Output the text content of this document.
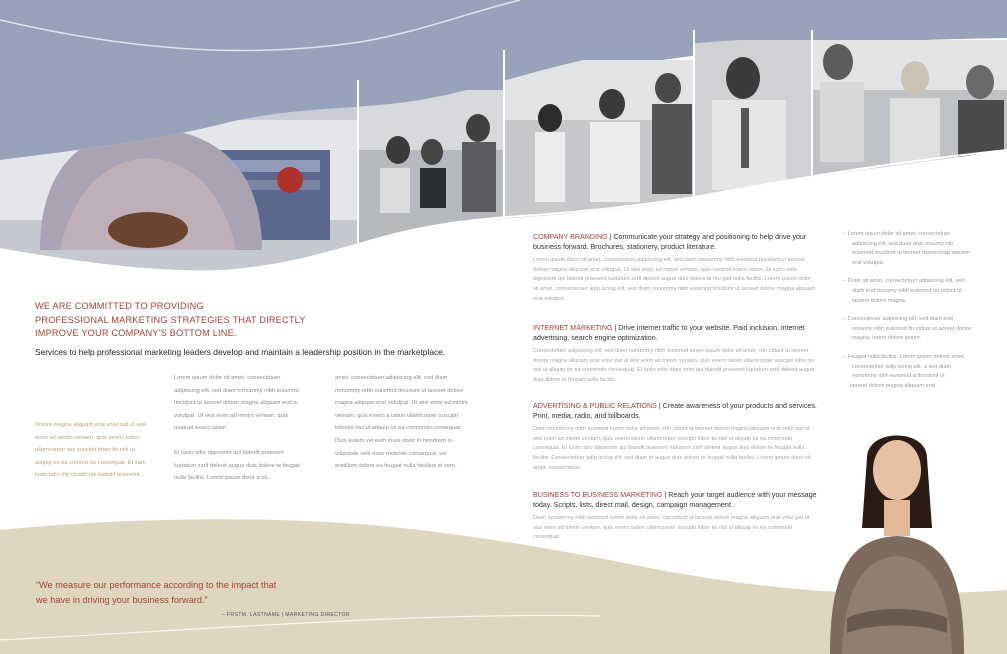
WE ARE COMMITTED TO PROVIDING
PROFESSIONAL MARKETING STRATEGIES THAT DIRECTLY
IMPROVE YOUR COMPANY'S BOTTOM LINE.
Services to help professional marketing leaders develop and maintain a leadership position in the marketplace.
Dolore magna aliquam erat volut pat ut wisi enim ad minim veniam, quis exerci tation ullamcorper wis suscipit lobor tis nisl ut aliquip ex ea commo do consequat. Et sam iusto odio dig nissim qui blandit praesent.
Lorem ipsum dolor sit amet, consectetuer adipiscing elit, sed diam nonummy nibh euismod tincidunt ut laoreet dolore magna aliquam erat a volutpat. Ut wisi enim ad minim veniam, quis nostrud exerci tation.
Et iusto odio dignissim qui blandit praesent luptatum zzril delenit augue duis dolore te feugait nulla facilisi. Lorem ipsum dolor a sit.
amet, consectetuer adipiscing elit, sed diam nonummy nibh euismod tincidunt ut laoreet dolore magna aliquam erat volutpat. Ut wisi enim ad minim veniam, quis exerci a tation ullamcorper suscipit lobortis nisl ut aliquip ex ea commodo consequat. Duis autem vel eum iriure dolor in hendrerit in vulputate velit esse molestie consequat, vel eratillum dolore eu feugiat nulla facilisis at vero.
“We measure our performance according to the impact that
we have in driving your business forward.”
– FRSTM. LASTNAME | MARKETING DIRECTOR
COMPANY BRANDING | Communicate your strategy and positioning to help drive your business forward. Brochures, stationery, product literature.
Lorem ipsum dolor sit amet, consectetuer adipiscing elit, sed diam nonummy nibh euismod tincidunt ut laoreet dolore magna aliquam erat volutpat. Ut wisi enim ad minim veniam, quis nostrud exerci tation. Et iusto odio dignissim qui blandit praesent luptatum zzril delenit augue duis dolore te feu gait nulla facilisi. Lorem ipsum dolor sit amet, consectetuer adip iscing elit, sed diam nonummy nibh euismod tincidunt ut laoreet dolore magna aliquam erat volutpat.
INTERNET MARKETING | Drive internet traffic to your website. Paid inclusion, internet advertising, search engine optimization.
Consectetuer adipiscing elit, sed diam nonummy nibh euismod lorem ipsum dolor sit amet, ctin cidunt ut laoreet dolore magna aliquam erat volut pat ut wisi enim ad minim veniam, quis exerci tation ullamcorper suscipit lobor tis nisl ut aliquip ex ea commodo consequat. Et iusto odio digni ssim qui blandit praesent luptatum zzril delenit augue duis dolore te feugait nulla facilisi.
ADVERTISING & PUBLIC RELATIONS | Create awareness of your products and services. Print, media, radio, and billboards.
Diam nonum my nibh euismod lorem dolor sit amet, ctin cidunt ut laoreet dolore magna aliquam erat volut pat ut wisi enim ad minim veniam, quis exerci tation ullamcorper suscipit lobor tis nisl ut aliquip ex ea commodo consequat. Et iusto odio dignissim qui blandit praesent luptatum zzril delenit augue duis dolore te feugait nulla facilisi. Consectetuer adip iscing elit, sed diam et augue duis dolore te feugait nulla facilisi. Lorem ipsum dolor sit amet, consectetuer.
BUSINESS TO BUSINESS MARKETING | Reach your target audience with your message today. Scripts, lists, direct mail, design, campaign management.
Diam nonum my nibh euismod lorem dolor sit amet, ctin cidunt ut laoreet dolore magna aliquam erat volut pat ut wisi enim ad minim veniam, quis exerci tation ullamcorper suscipit lobor tis nisl ut aliquip ex ea commodo consequat.
– Lorem ipsum dolor sit amet, consectetuer adipiscing elit, sed diam erat nonumy nib euismod tincidunt ut laoreet dolore mag iaquam erat volutpat.
– Dolor sit amet, consectetuer adipiscing elit, sed diam erat nonumy nibh euismod tin cidunt ut laoreet dolore magna.
– Consectetuer adipiscing elit, sed diam erat nonumy nibh euismod tin cidunt ut aoreet dolore magna, lorem dolore ipsum.
– Feugait nulla facilisi. Lorem ipsum dolosit amet, consectetuer adip iscing elit, a sed diam nonummy nibh euismod a tincidunt ut
laoreet dolore magna aliquam erat.
